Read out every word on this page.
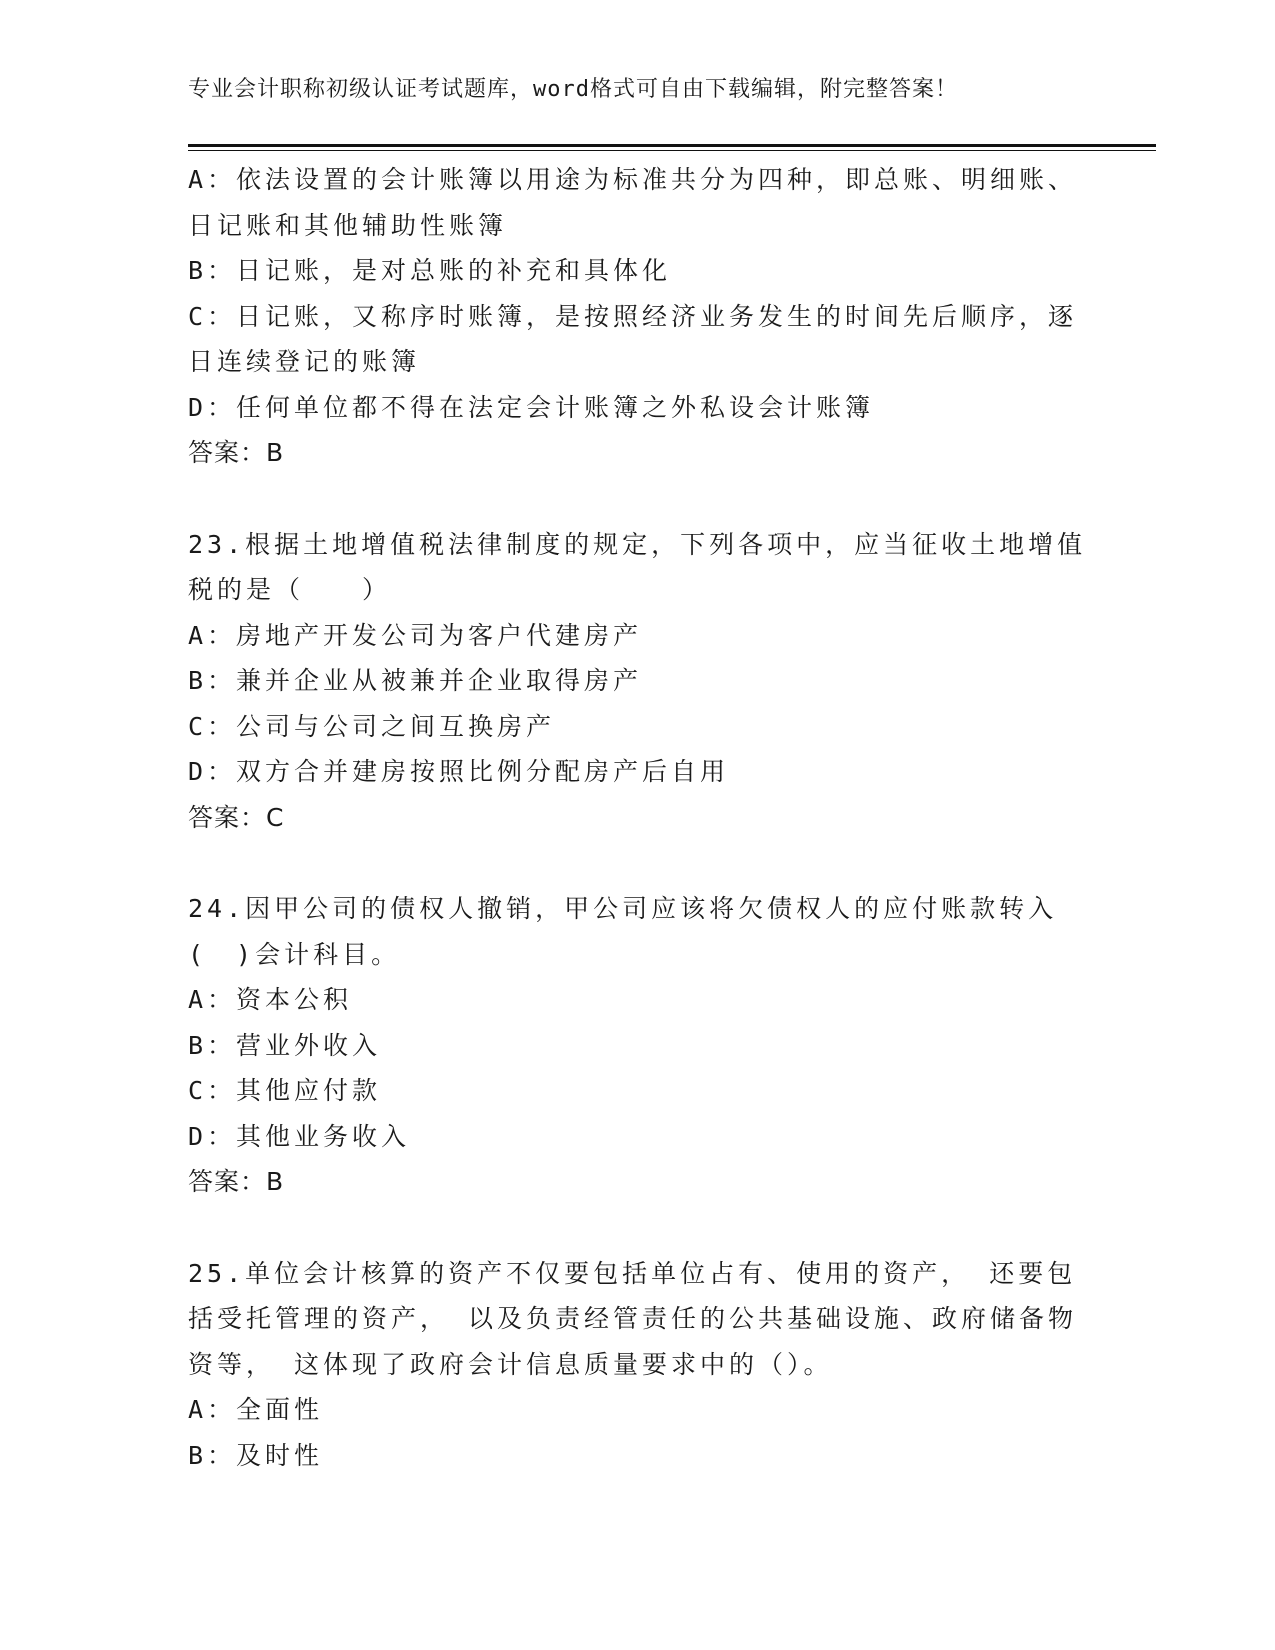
专业会计职称初级认证考试题库，word格式可自由下载编辑，附完整答案！

A：依法设置的会计账簿以用途为标准共分为四种，即总账、明细账、日记账和其他辅助性账簿

B：日记账，是对总账的补充和具体化

C：日记账，又称序时账簿，是按照经济业务发生的时间先后顺序，逐日连续登记的账簿

D：任何单位都不得在法定会计账簿之外私设会计账簿

答案：B

23.根据土地增值税法律制度的规定，下列各项中，应当征收土地增值税的是（　　）

A：房地产开发公司为客户代建房产

B：兼并企业从被兼并企业取得房产

C：公司与公司之间互换房产

D：双方合并建房按照比例分配房产后自用

答案：C

24.因甲公司的债权人撤销，甲公司应该将欠债权人的应付账款转入(　)会计科目。

A：资本公积

B：营业外收入

C：其他应付款

D：其他业务收入

答案：B

25.单位会计核算的资产不仅要包括单位占有、使用的资产， 还要包括受托管理的资产， 以及负责经管责任的公共基础设施、政府储备物资等， 这体现了政府会计信息质量要求中的（）。

A：全面性

B：及时性
